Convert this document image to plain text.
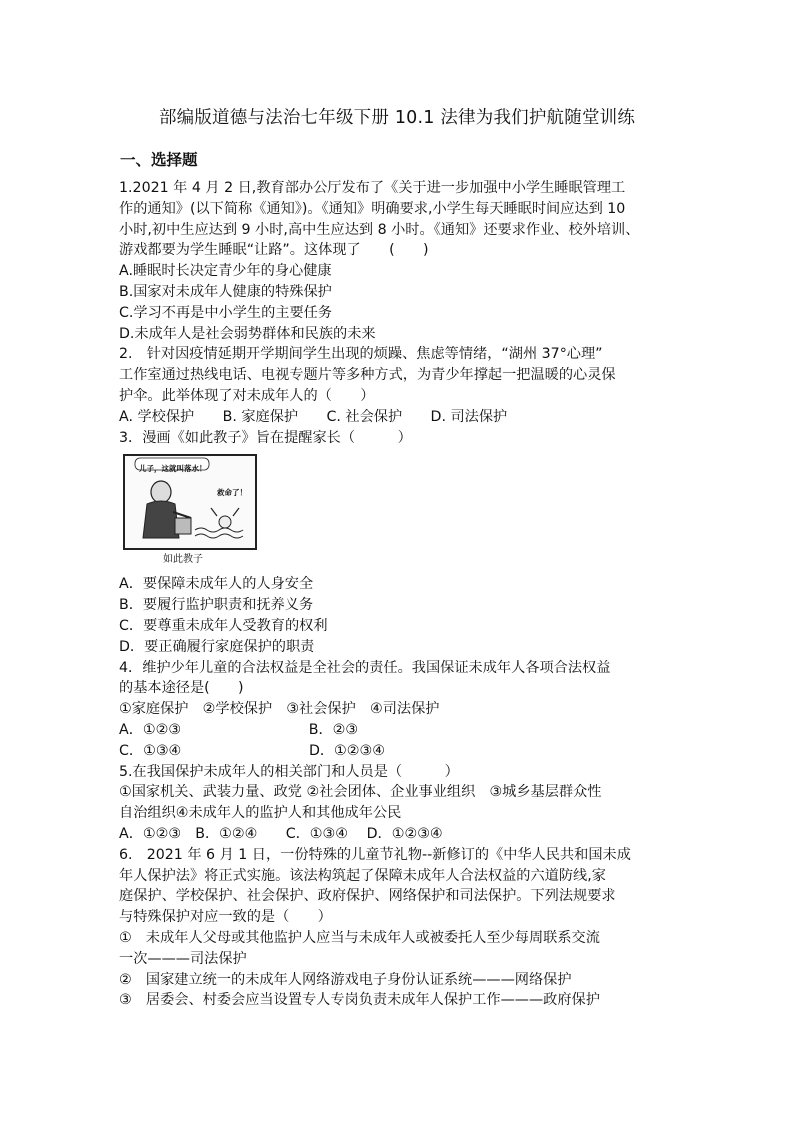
部编版道德与法治七年级下册 10.1 法律为我们护航随堂训练
一、选择题
1.2021 年 4 月 2 日,教育部办公厅发布了《关于进一步加强中小学生睡眠管理工
作的通知》(以下简称《通知》)。《通知》明确要求,小学生每天睡眠时间应达到 10
小时,初中生应达到 9 小时,高中生应达到 8 小时。《通知》还要求作业、校外培训、
游戏都要为学生睡眠“让路”。这体现了　　(　　)
A.睡眠时长决定青少年的身心健康
B.国家对未成年人健康的特殊保护
C.学习不再是中小学生的主要任务
D.未成年人是社会弱势群体和民族的未来
2.　针对因疫情延期开学期间学生出现的烦躁、焦虑等情绪，“湖州 37°心理”
工作室通过热线电话、电视专题片等多种方式，为青少年撑起一把温暖的心灵保
护伞。此举体现了对未成年人的（　　）
A. 学校保护　　B. 家庭保护　　C. 社会保护　　D. 司法保护
3．漫画《如此教子》旨在提醒家长（　　　）
儿子，这就叫落水！
救命了！
如此教子
A．要保障未成年人的人身安全
B．要履行监护职责和抚养义务
C．要尊重未成年人受教育的权利
D．要正确履行家庭保护的职责
4．维护少年儿童的合法权益是全社会的责任。我国保证未成年人各项合法权益
的基本途径是(　　)
①家庭保护　②学校保护　③社会保护　④司法保护
A．①②③　　　　　　　　　B．②③
C．①③④　　　　　　　　　D．①②③④
5.在我国保护未成年人的相关部门和人员是（　　　）
①国家机关、武装力量、政党 ②社会团体、企业事业组织　③城乡基层群众性
自治组织④未成年人的监护人和其他成年公民
A．①②③　B．①②④　　C．①③④　 D．①②③④
6.　2021 年 6 月 1 日，一份特殊的儿童节礼物--新修订的《中华人民共和国未成
年人保护法》将正式实施。该法构筑起了保障未成年人合法权益的六道防线,家
庭保护、学校保护、社会保护、政府保护、网络保护和司法保护。下列法规要求
与特殊保护对应一致的是（　　）
①　未成年人父母或其他监护人应当与未成年人或被委托人至少每周联系交流
一次———司法保护
②　国家建立统一的未成年人网络游戏电子身份认证系统———网络保护
③　居委会、村委会应当设置专人专岗负责未成年人保护工作———政府保护
